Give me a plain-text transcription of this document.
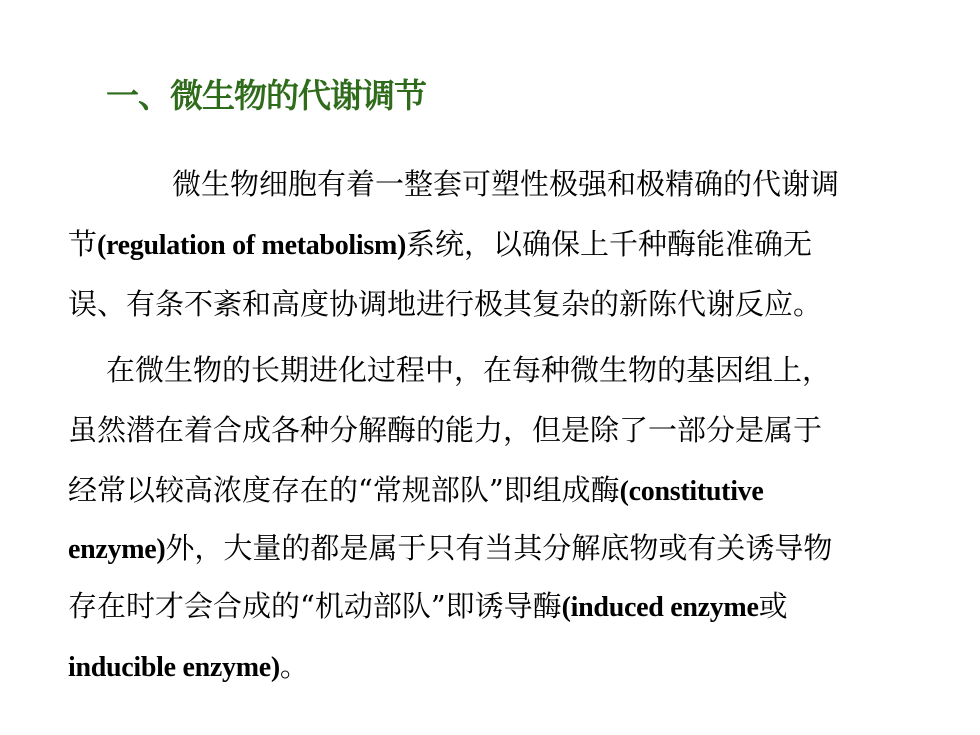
一、微生物的代谢调节
微生物细胞有着一整套可塑性极强和极精确的代谢调
节(regulation of metabolism)系统，以确保上千种酶能准确无
误、有条不紊和高度协调地进行极其复杂的新陈代谢反应。
在微生物的长期进化过程中，在每种微生物的基因组上，
虽然潜在着合成各种分解酶的能力，但是除了一部分是属于
经常以较高浓度存在的“常规部队”即组成酶(constitutive
enzyme)外，大量的都是属于只有当其分解底物或有关诱导物
存在时才会合成的“机动部队”即诱导酶(induced enzyme或
inducible enzyme)。
